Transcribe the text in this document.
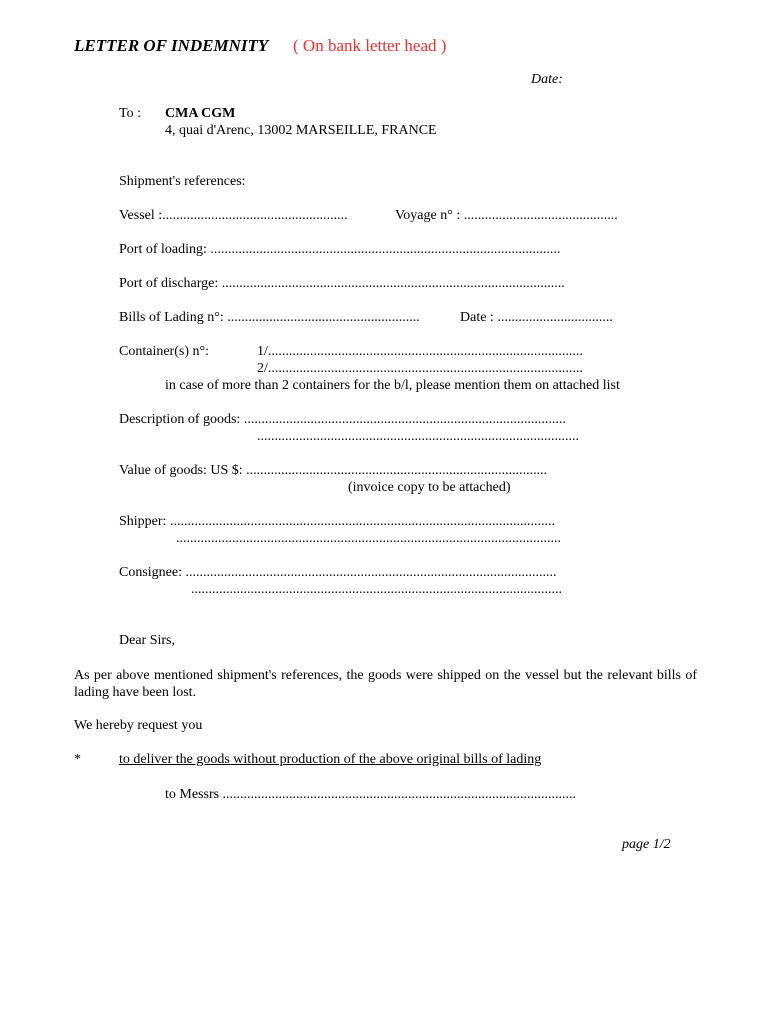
LETTER OF INDEMNITY ( On bank letter head )
Date:
To : CMA CGM
4, quai d'Arenc, 13002 MARSEILLE, FRANCE
Shipment's references:
Vessel :.....................................................	Voyage n° : ............................................
Port of loading: ....................................................................................................
Port of discharge: ..................................................................................................
Bills of Lading n°: .......................................................	Date : .................................
Container(s) n°:	1/..........................................................................................
2/..........................................................................................
in case of more than 2 containers for the b/l, please mention them on attached list
Description of goods: ............................................................................................
............................................................................................
Value of goods: US $: ......................................................................................
(invoice copy to be attached)
Shipper: ..............................................................................................................
..............................................................................................................
Consignee: ..........................................................................................................
..........................................................................................................
Dear Sirs,
As per above mentioned shipment's references, the goods were shipped on the vessel but the relevant bills of lading have been lost.
We hereby request you
*	to deliver the goods without production of the above original bills of lading
to Messrs .....................................................................................................
page 1/2
